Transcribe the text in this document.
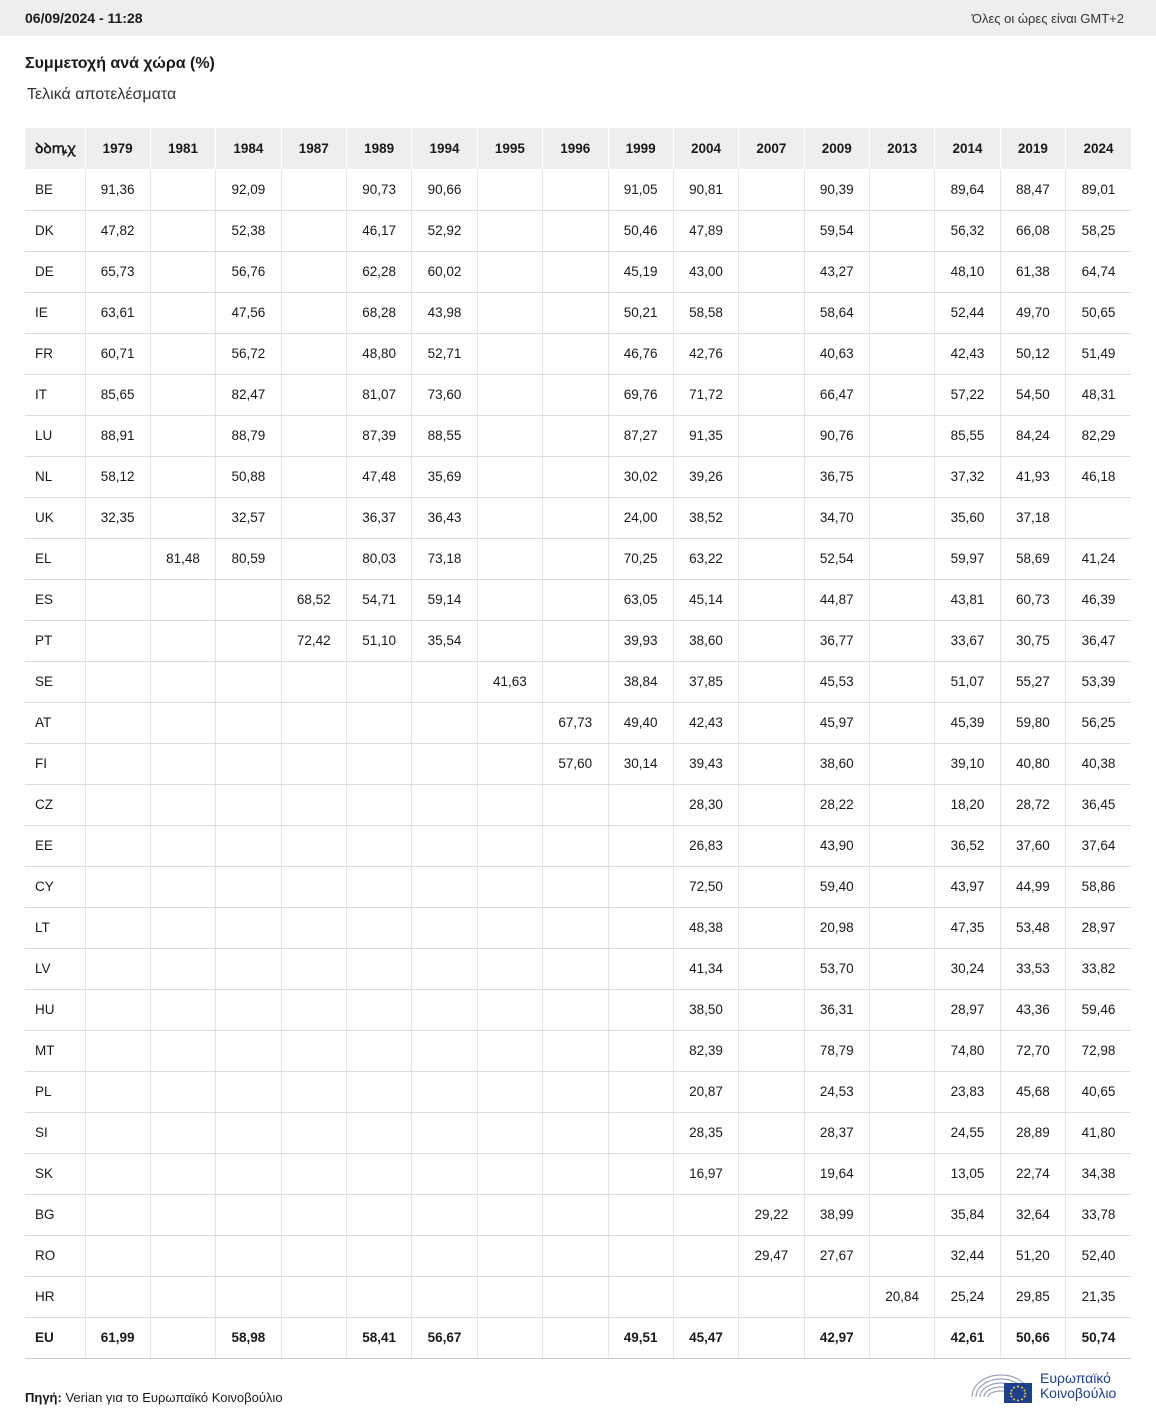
06/09/2024 - 11:28	Όλες οι ώρες είναι GMT+2
Συμμετοχή ανά χώρα (%)
Τελικά αποτελέσματα
ꝺꝺꝳꭓ	1979	1981	1984	1987	1989	1994	1995	1996	1999	2004	2007	2009	2013	2014	2019	2024
BE	91,36		92,09		90,73	90,66			91,05	90,81		90,39		89,64	88,47	89,01
DK	47,82		52,38		46,17	52,92			50,46	47,89		59,54		56,32	66,08	58,25
DE	65,73		56,76		62,28	60,02			45,19	43,00		43,27		48,10	61,38	64,74
IE	63,61		47,56		68,28	43,98			50,21	58,58		58,64		52,44	49,70	50,65
FR	60,71		56,72		48,80	52,71			46,76	42,76		40,63		42,43	50,12	51,49
IT	85,65		82,47		81,07	73,60			69,76	71,72		66,47		57,22	54,50	48,31
LU	88,91		88,79		87,39	88,55			87,27	91,35		90,76		85,55	84,24	82,29
NL	58,12		50,88		47,48	35,69			30,02	39,26		36,75		37,32	41,93	46,18
UK	32,35		32,57		36,37	36,43			24,00	38,52		34,70		35,60	37,18	
EL		81,48	80,59		80,03	73,18			70,25	63,22		52,54		59,97	58,69	41,24
ES				68,52	54,71	59,14			63,05	45,14		44,87		43,81	60,73	46,39
PT				72,42	51,10	35,54			39,93	38,60		36,77		33,67	30,75	36,47
SE							41,63		38,84	37,85		45,53		51,07	55,27	53,39
AT								67,73	49,40	42,43		45,97		45,39	59,80	56,25
FI								57,60	30,14	39,43		38,60		39,10	40,80	40,38
CZ										28,30		28,22		18,20	28,72	36,45
EE										26,83		43,90		36,52	37,60	37,64
CY										72,50		59,40		43,97	44,99	58,86
LT										48,38		20,98		47,35	53,48	28,97
LV										41,34		53,70		30,24	33,53	33,82
HU										38,50		36,31		28,97	43,36	59,46
MT										82,39		78,79		74,80	72,70	72,98
PL										20,87		24,53		23,83	45,68	40,65
SI										28,35		28,37		24,55	28,89	41,80
SK										16,97		19,64		13,05	22,74	34,38
BG											29,22	38,99		35,84	32,64	33,78
RO											29,47	27,67		32,44	51,20	52,40
HR													20,84	25,24	29,85	21,35
EU	61,99		58,98		58,41	56,67			49,51	45,47		42,97		42,61	50,66	50,74
Πηγή: Verian για το Ευρωπαϊκό Κοινοβούλιο
Ευρωπαϊκό
Κοινοβούλιο
